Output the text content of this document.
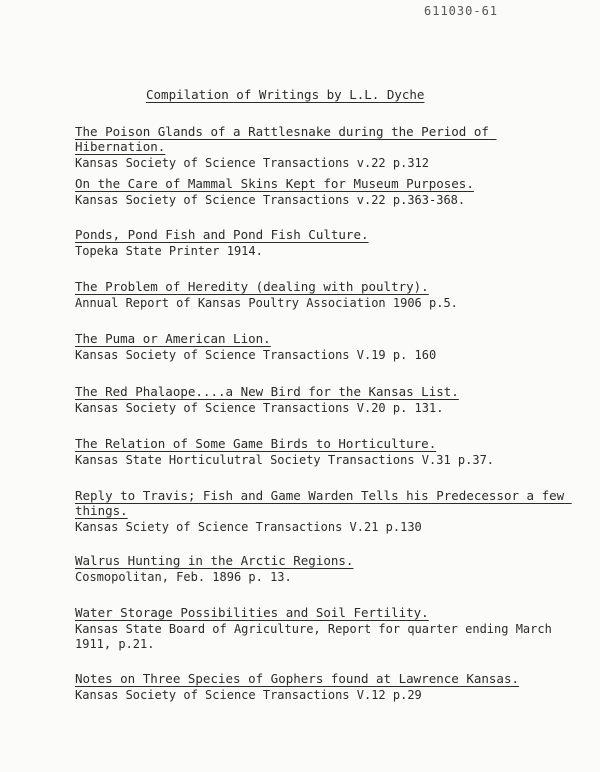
611030-61
Compilation of Writings by L.L. Dyche
The Poison Glands of a Rattlesnake during the Period of Hibernation.
Kansas Society of Science Transactions v.22 p.312
On the Care of Mammal Skins Kept for Museum Purposes.
Kansas Society of Science Transactions v.22 p.363-368.
Ponds, Pond Fish and Pond Fish Culture.
Topeka State Printer 1914.
The Problem of Heredity (dealing with poultry).
Annual Report of Kansas Poultry Association 1906 p.5.
The Puma or American Lion.
Kansas Society of Science Transactions V.19 p. 160
The Red Phalaope....a New Bird for the Kansas List.
Kansas Society of Science Transactions V.20 p. 131.
The Relation of Some Game Birds to Horticulture.
Kansas State Horticulutral Society Transactions V.31 p.37.
Reply to Travis; Fish and Game Warden Tells his Predecessor a few things.
Kansas Sciety of Science Transactions V.21 p.130
Walrus Hunting in the Arctic Regions.
Cosmopolitan, Feb. 1896 p. 13.
Water Storage Possibilities and Soil Fertility.
Kansas State Board of Agriculture, Report for quarter ending March 1911, p.21.
Notes on Three Species of Gophers found at Lawrence Kansas.
Kansas Society of Science Transactions V.12 p.29
